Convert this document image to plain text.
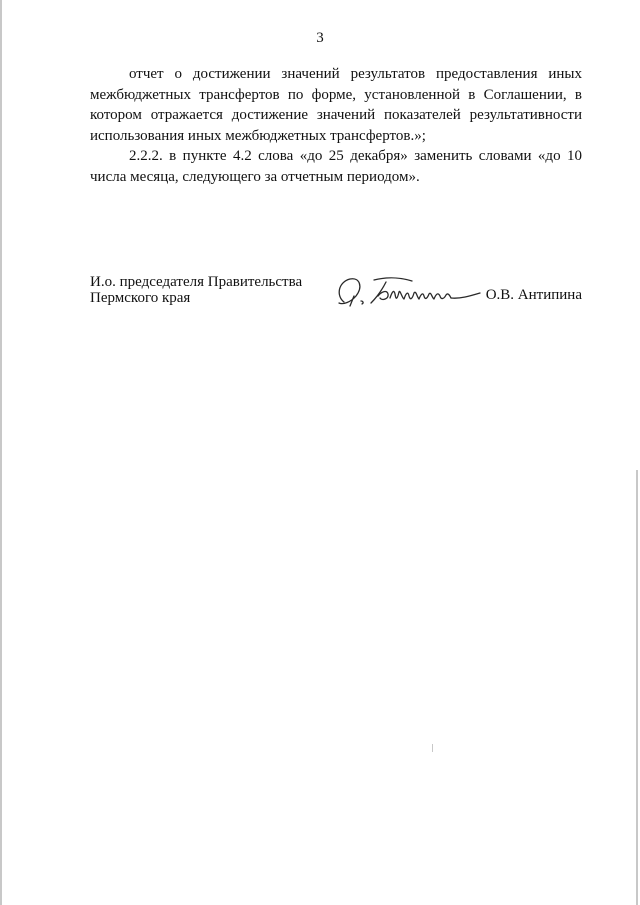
3

отчет о достижении значений результатов предоставления иных межбюджетных трансфертов по форме, установленной в Соглашении, в котором отражается достижение значений показателей результативности использования иных межбюджетных трансфертов.»;

2.2.2. в пункте 4.2 слова «до 25 декабря» заменить словами «до 10 числа месяца, следующего за отчетным периодом».

И.о. председателя Правительства
Пермского края	О.В. Антипина
